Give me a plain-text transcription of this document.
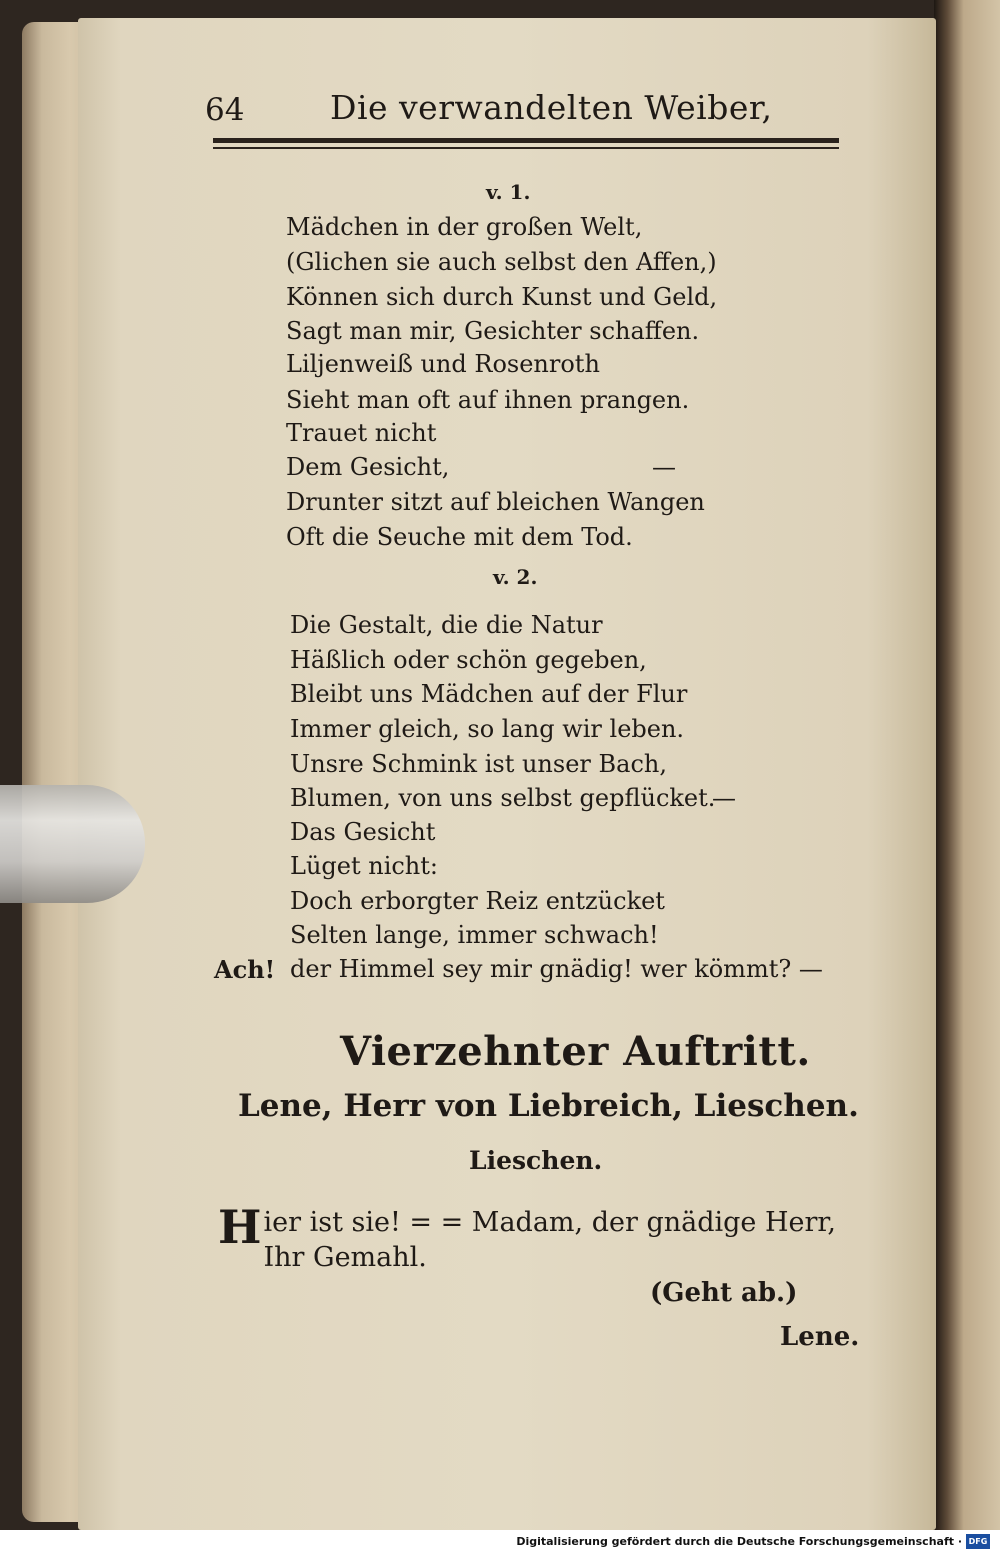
64	Die verwandelten Weiber,
v. 1.
Mädchen in der großen Welt,
(Glichen sie auch selbst den Affen,)
Können sich durch Kunst und Geld,
Sagt man mir, Gesichter schaffen.
Liljenweiß und Rosenroth
Sieht man oft auf ihnen prangen.
Trauet nicht
Dem Gesicht,	—
Drunter sitzt auf bleichen Wangen
Oft die Seuche mit dem Tod.
v. 2.
Die Gestalt, die die Natur
Häßlich oder schön gegeben,
Bleibt uns Mädchen auf der Flur
Immer gleich, so lang wir leben.
Unsre Schmink ist unser Bach,
Blumen, von uns selbst gepflücket.
Das Gesicht
Lüget nicht:
Doch erborgter Reiz entzücket
Selten lange, immer schwach!
—
Ach! der Himmel sey mir gnädig! wer kömmt? —
Vierzehnter Auftritt.
Lene, Herr von Liebreich, Lieschen.
Lieschen.
Hier ist sie! = = Madam, der gnädige Herr, Ihr Gemahl.
(Geht ab.)
Lene.
Digitalisierung gefördert durch die Deutsche Forschungsgemeinschaft · DFG
